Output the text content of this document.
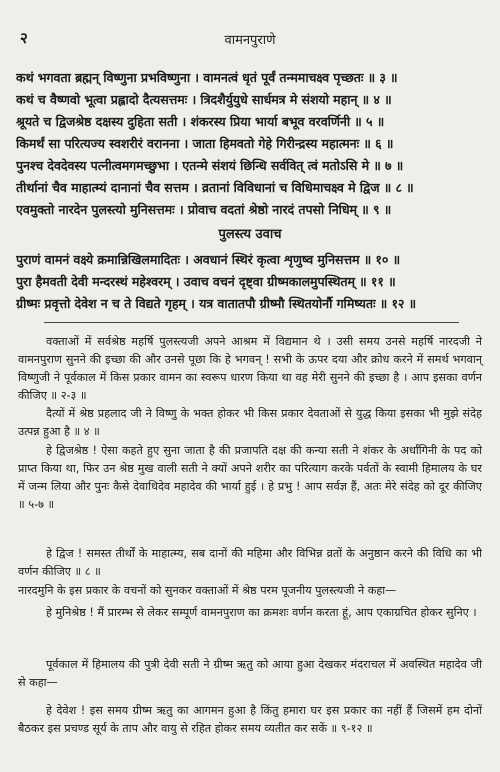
२	वामनपुराणे
कथं भगवता ब्रह्मन् विष्णुना प्रभविष्णुना । वामनत्वं धृतं पूर्वं तन्ममाचक्ष्व पृच्छतः ॥ ३ ॥
कथं च वैष्णवो भूत्वा प्रह्लादो दैत्यसत्तमः । त्रिदशैर्युयुधे सार्धमत्र मे संशयो महान् ॥ ४ ॥
श्रूयते च द्विजश्रेष्ठ दक्षस्य दुहिता सती । शंकरस्य प्रिया भार्या बभूव वरवर्णिनी ॥ ५ ॥
किमर्थं सा परित्यज्य स्वशरीरं वरानना । जाता हिमवतो गेहे गिरीन्द्रस्य महात्मनः ॥ ६ ॥
पुनश्च देवदेवस्य पत्नीत्वमगमच्छुभा । एतन्मे संशयं छिन्धि सर्ववित् त्वं मतोऽसि मे ॥ ७ ॥
तीर्थानां चैव माहात्म्यं दानानां चैव सत्तम । व्रतानां विविधानां च विधिमाचक्ष्व मे द्विज ॥ ८ ॥
एवमुक्तो नारदेन पुलस्त्यो मुनिसत्तमः । प्रोवाच वदतां श्रेष्ठो नारदं तपसो निधिम् ॥ ९ ॥
पुलस्त्य उवाच
पुराणं वामनं वक्ष्ये क्रमान्निखिलमादितः । अवधानं स्थिरं कृत्वा शृणुष्व मुनिसत्तम ॥ १० ॥
पुरा हैमवती देवी मन्दरस्थं महेश्वरम् । उवाच वचनं दृष्ट्वा ग्रीष्मकालमुपस्थितम् ॥ ११ ॥
ग्रीष्मः प्रवृत्तो देवेश न च ते विद्यते गृहम् । यत्र वातातपौ ग्रीष्मौ स्थितयोर्नौ गमिष्यतः ॥ १२ ॥

वक्ताओं में सर्वश्रेष्ठ महर्षि पुलस्त्यजी अपने आश्रम में विद्यमान थे । उसी समय उनसे महर्षि नारदजी ने वामनपुराण सुनने की इच्छा की और उनसे पूछा कि हे भगवन् ! सभी के ऊपर दया और क्रोध करने में समर्थ भगवान् विष्णुजी ने पूर्वकाल में किस प्रकार वामन का स्वरूप धारण किया था वह मेरी सुनने की इच्छा है । आप इसका वर्णन कीजिए ॥ २-३ ॥

दैत्यों में श्रेष्ठ प्रहलाद जी ने विष्णु के भक्त होकर भी किस प्रकार देवताओं से युद्ध किया इसका भी मुझे संदेह उत्पन्न हुआ है ॥ ४ ॥

हे द्विजश्रेष्ठ ! ऐसा कहते हुए सुना जाता है की प्रजापति दक्ष की कन्या सती ने शंकर के अर्धांगिनी के पद को प्राप्त किया था, फिर उन श्रेष्ठ मुख वाली सती ने क्यों अपने शरीर का परित्याग करके पर्वतों के स्वामी हिमालय के घर में जन्म लिया और पुनः कैसे देवाधिदेव महादेव की भार्या हुई । हे प्रभु ! आप सर्वज्ञ हैं, अतः मेरे संदेह को दूर कीजिए ॥ ५-७ ॥

हे द्विज ! समस्त तीर्थों के माहात्म्य, सब दानों की महिमा और विभिन्न व्रतों के अनुष्ठान करने की विधि का भी वर्णन कीजिए ॥ ८ ॥

नारदमुनि के इस प्रकार के वचनों को सुनकर वक्ताओं में श्रेष्ठ परम पूजनीय पुलस्त्यजी ने कहा—

हे मुनिश्रेष्ठ ! मैं प्रारम्भ से लेकर सम्पूर्ण वामनपुराण का क्रमशः वर्णन करता हूं, आप एकाग्रचित होकर सुनिए ।

पूर्वकाल में हिमालय की पुत्री देवी सती ने ग्रीष्म ऋतु को आया हुआ देखकर मंदराचल में अवस्थित महादेव जी से कहा—

हे देवेश ! इस समय ग्रीष्म ऋतु का आगमन हुआ है किंतु हमारा घर इस प्रकार का नहीं हैं जिसमें हम दोनों बैठकर इस प्रचण्ड सूर्य के ताप और वायु से रहित होकर समय व्यतीत कर सकें ॥ ९-१२ ॥
